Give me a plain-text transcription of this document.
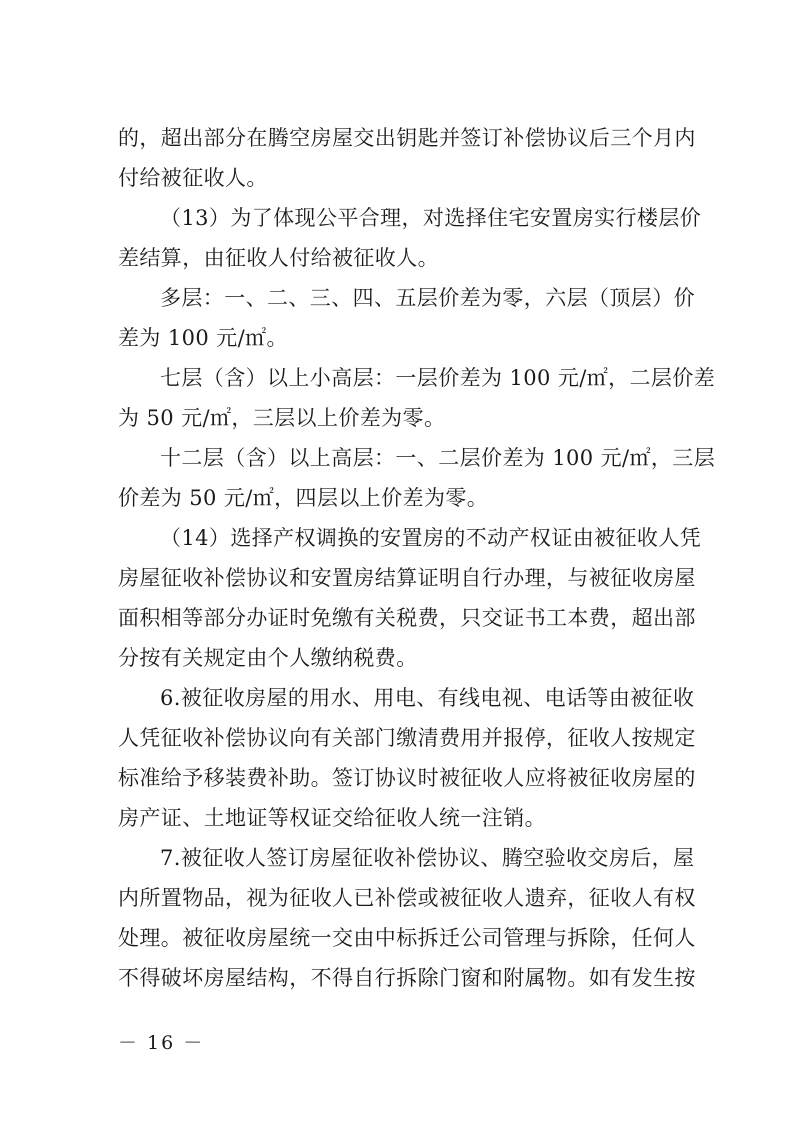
的，超出部分在腾空房屋交出钥匙并签订补偿协议后三个月内
付给被征收人。
（13）为了体现公平合理，对选择住宅安置房实行楼层价
差结算，由征收人付给被征收人。
多层：一、二、三、四、五层价差为零，六层（顶层）价
差为 100 元/㎡。
七层（含）以上小高层：一层价差为 100 元/㎡，二层价差
为 50 元/㎡，三层以上价差为零。
十二层（含）以上高层：一、二层价差为 100 元/㎡，三层
价差为 50 元/㎡，四层以上价差为零。
（14）选择产权调换的安置房的不动产权证由被征收人凭
房屋征收补偿协议和安置房结算证明自行办理，与被征收房屋
面积相等部分办证时免缴有关税费，只交证书工本费，超出部
分按有关规定由个人缴纳税费。
6.被征收房屋的用水、用电、有线电视、电话等由被征收
人凭征收补偿协议向有关部门缴清费用并报停，征收人按规定
标准给予移装费补助。签订协议时被征收人应将被征收房屋的
房产证、土地证等权证交给征收人统一注销。
7.被征收人签订房屋征收补偿协议、腾空验收交房后，屋
内所置物品，视为征收人已补偿或被征收人遗弃，征收人有权
处理。被征收房屋统一交由中标拆迁公司管理与拆除，任何人
不得破坏房屋结构，不得自行拆除门窗和附属物。如有发生按
－ 16 －
